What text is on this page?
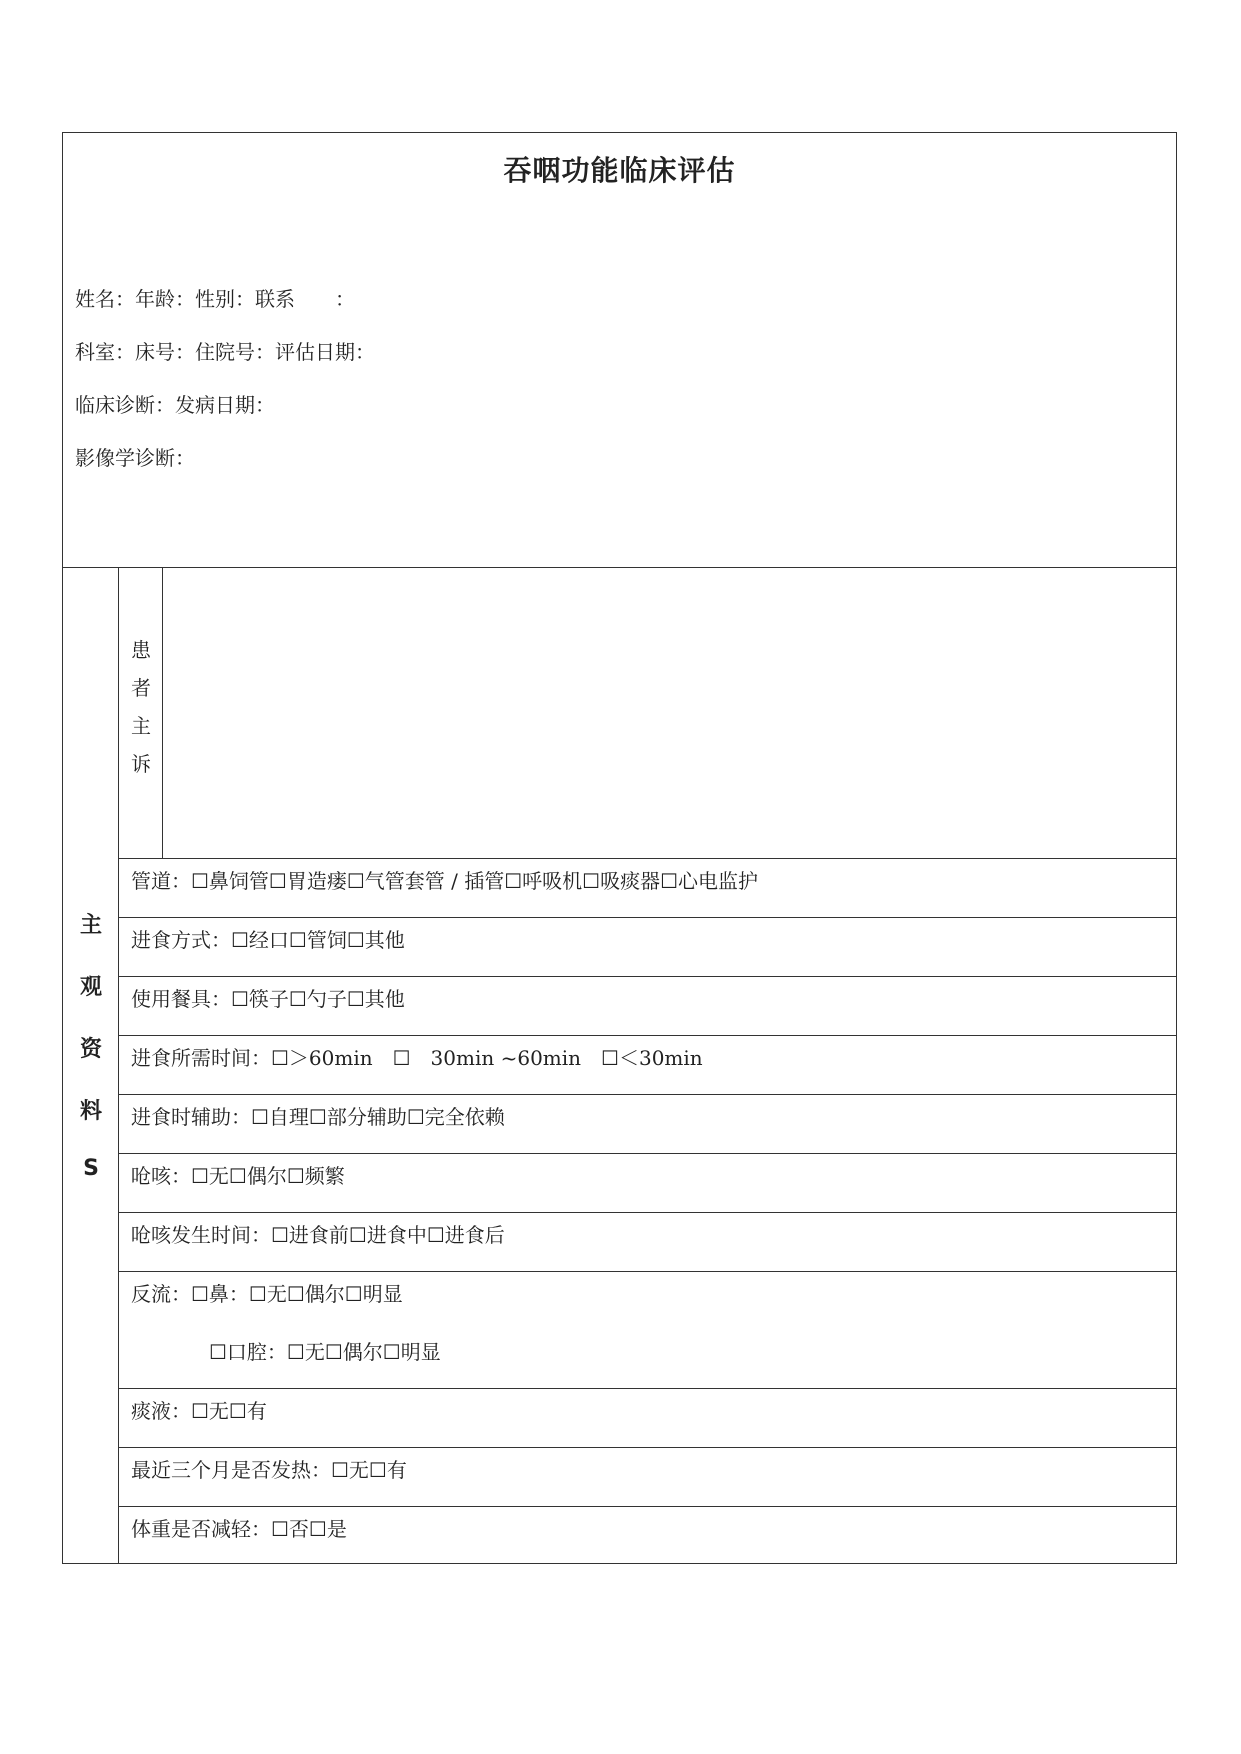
吞咽功能临床评估
姓名：年龄：性别：联系　　：
科室：床号：住院号：评估日期：
临床诊断：发病日期：
影像学诊断：
主
观
资
料
S
患
者
主
诉
管道：☐鼻饲管☐胃造瘘☐气管套管 / 插管☐呼吸机☐吸痰器☐心电监护
进食方式：☐经口☐管饲☐其他
使用餐具：☐筷子☐勺子☐其他
进食所需时间：☐＞60min　☐　30min ~60min　☐＜30min
进食时辅助：☐自理☐部分辅助☐完全依赖
呛咳：☐无☐偶尔☐频繁
呛咳发生时间：☐进食前☐进食中☐进食后
反流：☐鼻：☐无☐偶尔☐明显
☐口腔：☐无☐偶尔☐明显
痰液：☐无☐有
最近三个月是否发热：☐无☐有
体重是否减轻：☐否☐是
